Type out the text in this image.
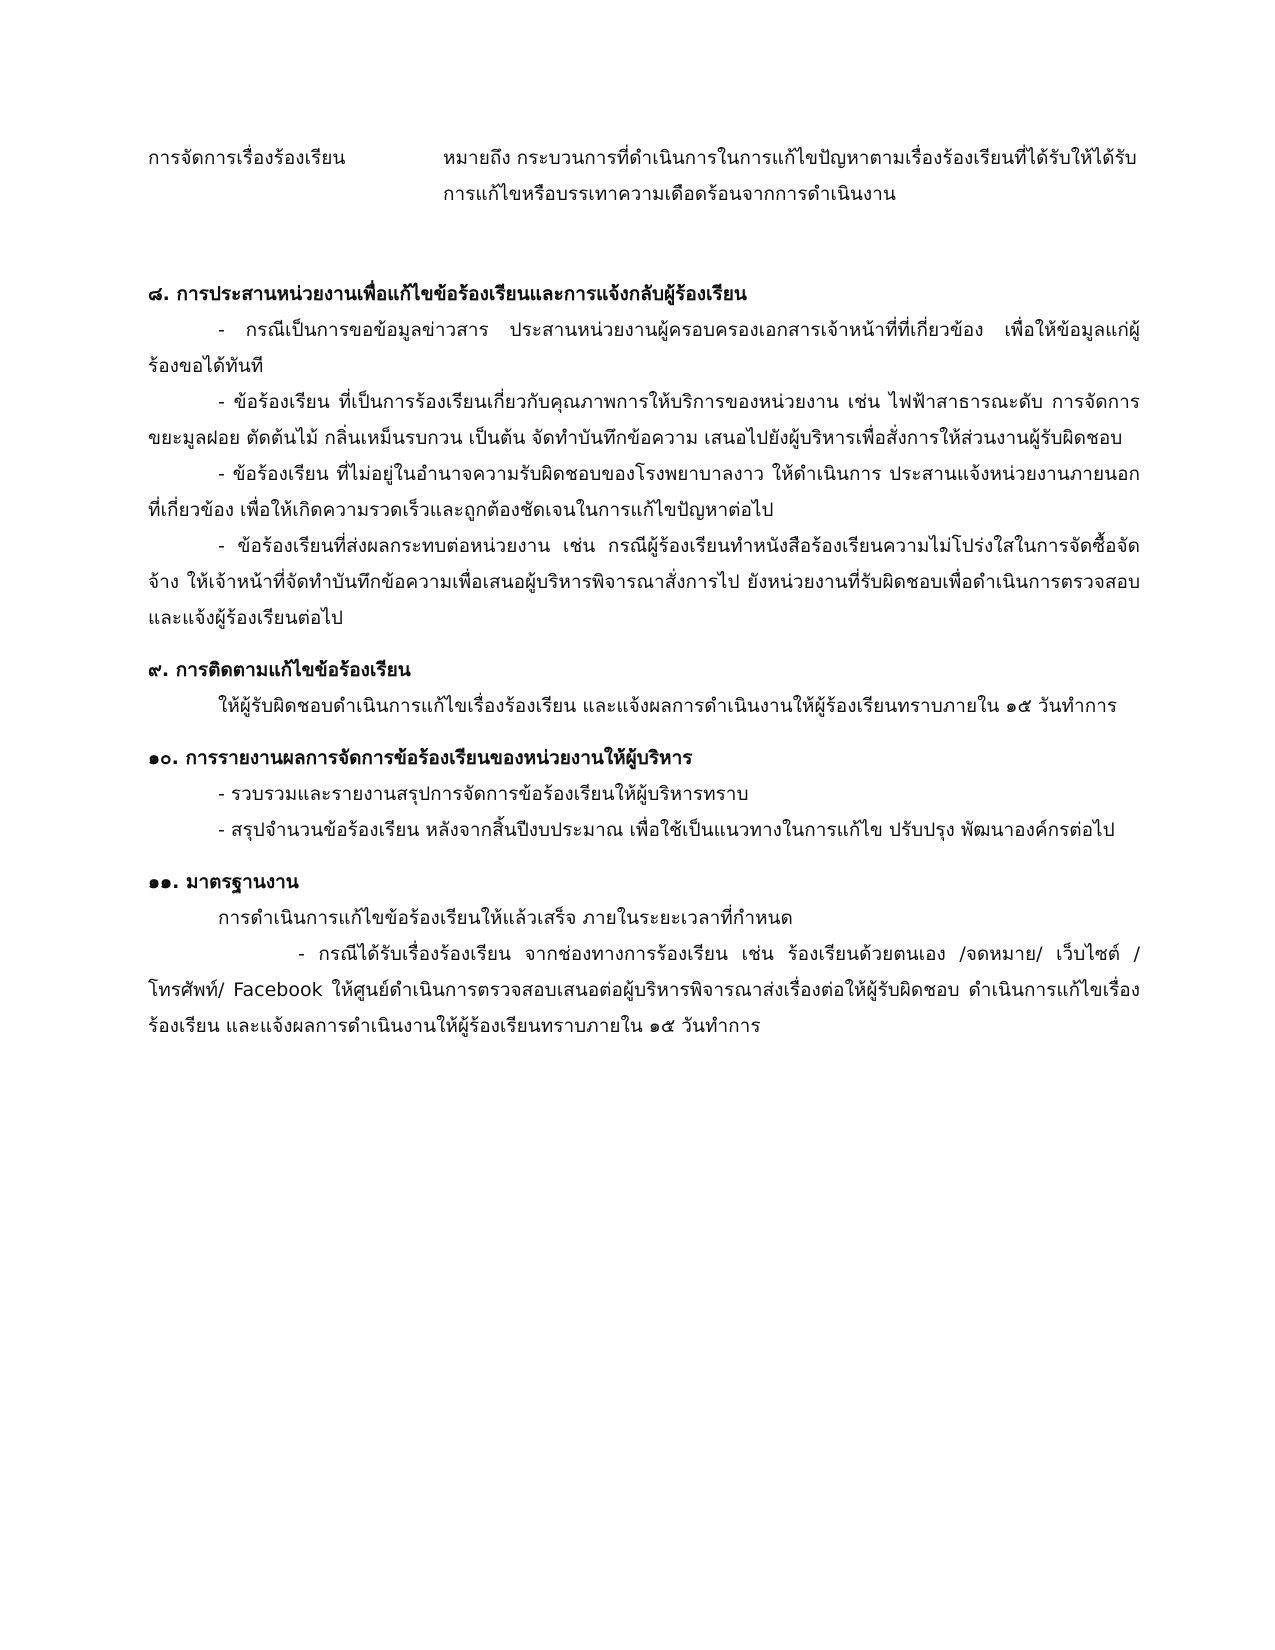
การจัดการเรื่องร้องเรียน	หมายถึง กระบวนการที่ดำเนินการในการแก้ไขปัญหาตามเรื่องร้องเรียนที่ได้รับให้ได้รับการแก้ไขหรือบรรเทาความเดือดร้อนจากการดำเนินงาน

๘. การประสานหน่วยงานเพื่อแก้ไขข้อร้องเรียนและการแจ้งกลับผู้ร้องเรียน

- กรณีเป็นการขอข้อมูลข่าวสาร ประสานหน่วยงานผู้ครอบครองเอกสารเจ้าหน้าที่ที่เกี่ยวข้อง เพื่อให้ข้อมูลแก่ผู้ร้องขอได้ทันที

- ข้อร้องเรียน ที่เป็นการร้องเรียนเกี่ยวกับคุณภาพการให้บริการของหน่วยงาน เช่น ไฟฟ้าสาธารณะดับ การจัดการขยะมูลฝอย ตัดต้นไม้ กลิ่นเหม็นรบกวน เป็นต้น จัดทำบันทึกข้อความ เสนอไปยังผู้บริหารเพื่อสั่งการให้ส่วนงานผู้รับผิดชอบ

- ข้อร้องเรียน ที่ไม่อยู่ในอำนาจความรับผิดชอบของโรงพยาบาลงาว ให้ดำเนินการ ประสานแจ้งหน่วยงานภายนอกที่เกี่ยวข้อง เพื่อให้เกิดความรวดเร็วและถูกต้องชัดเจนในการแก้ไขปัญหาต่อไป

- ข้อร้องเรียนที่ส่งผลกระทบต่อหน่วยงาน เช่น กรณีผู้ร้องเรียนทำหนังสือร้องเรียนความไม่โปร่งใสในการจัดซื้อจัดจ้าง ให้เจ้าหน้าที่จัดทำบันทึกข้อความเพื่อเสนอผู้บริหารพิจารณาสั่งการไป ยังหน่วยงานที่รับผิดชอบเพื่อดำเนินการตรวจสอบและแจ้งผู้ร้องเรียนต่อไป

๙. การติดตามแก้ไขข้อร้องเรียน

ให้ผู้รับผิดชอบดำเนินการแก้ไขเรื่องร้องเรียน และแจ้งผลการดำเนินงานให้ผู้ร้องเรียนทราบภายใน ๑๕ วันทำการ

๑๐. การรายงานผลการจัดการข้อร้องเรียนของหน่วยงานให้ผู้บริหาร

- รวบรวมและรายงานสรุปการจัดการข้อร้องเรียนให้ผู้บริหารทราบ

- สรุปจำนวนข้อร้องเรียน หลังจากสิ้นปีงบประมาณ เพื่อใช้เป็นแนวทางในการแก้ไข ปรับปรุง พัฒนาองค์กรต่อไป

๑๑. มาตรฐานงาน

การดำเนินการแก้ไขข้อร้องเรียนให้แล้วเสร็จ ภายในระยะเวลาที่กำหนด

- กรณีได้รับเรื่องร้องเรียน จากช่องทางการร้องเรียน เช่น ร้องเรียนด้วยตนเอง /จดหมาย/ เว็บไซต์ / โทรศัพท์/ Facebook ให้ศูนย์ดำเนินการตรวจสอบเสนอต่อผู้บริหารพิจารณาส่งเรื่องต่อให้ผู้รับผิดชอบ ดำเนินการแก้ไขเรื่องร้องเรียน และแจ้งผลการดำเนินงานให้ผู้ร้องเรียนทราบภายใน ๑๕ วันทำการ
